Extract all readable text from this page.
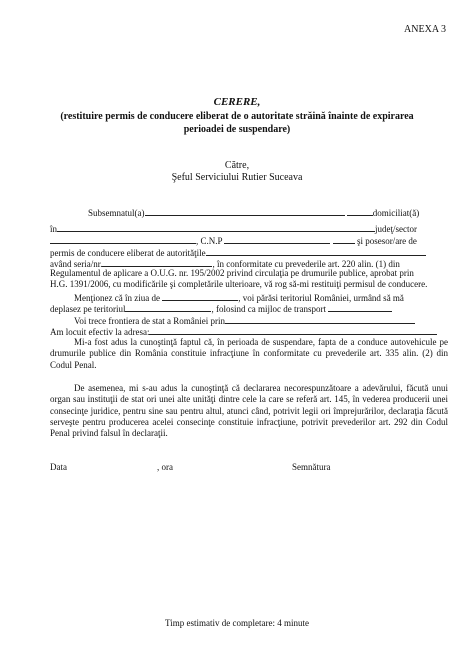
ANEXA 3
CERERE,
(restituire permis de conducere eliberat de o autoritate străină înainte de expirarea perioadei de suspendare)
Către,
Şeful Serviciului Rutier Suceava
Subsemnatul(a)	domiciliat(ă)
în	judeţ/sector
, C.N.P	şi posesor/are de
permis de conducere eliberat de autorităţile
având seria/nr.	, în conformitate cu prevederile art. 220 alin. (1) din
Regulamentul de aplicare a O.U.G. nr. 195/2002 privind circulaţia pe drumurile publice, aprobat prin
H.G. 1391/2006, cu modificările şi completările ulterioare, vă rog să-mi restituiţi permisul de conducere.
Menţionez că în ziua de	, voi părăsi teritoriul României, urmând să mă
deplasez pe teritoriul	, folosind ca mijloc de transport
Voi trece frontiera de stat a României prin
Am locuit efectiv la adresa:
Mi-a fost adus la cunoştinţă faptul că, în perioada de suspendare, fapta de a conduce autovehicule pe drumurile publice din România constituie infracţiune în conformitate cu prevederile art. 335 alin. (2) din Codul Penal.
De asemenea, mi s-au adus la cunoştinţă că declararea necorespunzătoare a adevărului, făcută unui organ sau instituţii de stat ori unei alte unităţi dintre cele la care se referă art. 145, în vederea producerii unei consecinţe juridice, pentru sine sau pentru altul, atunci când, potrivit legii ori împrejurărilor, declaraţia făcută serveşte pentru producerea acelei consecinţe constituie infracţiune, potrivit prevederilor art. 292 din Codul Penal privind falsul în declaraţii.
Data	, ora	Semnătura
Timp estimativ de completare: 4 minute
